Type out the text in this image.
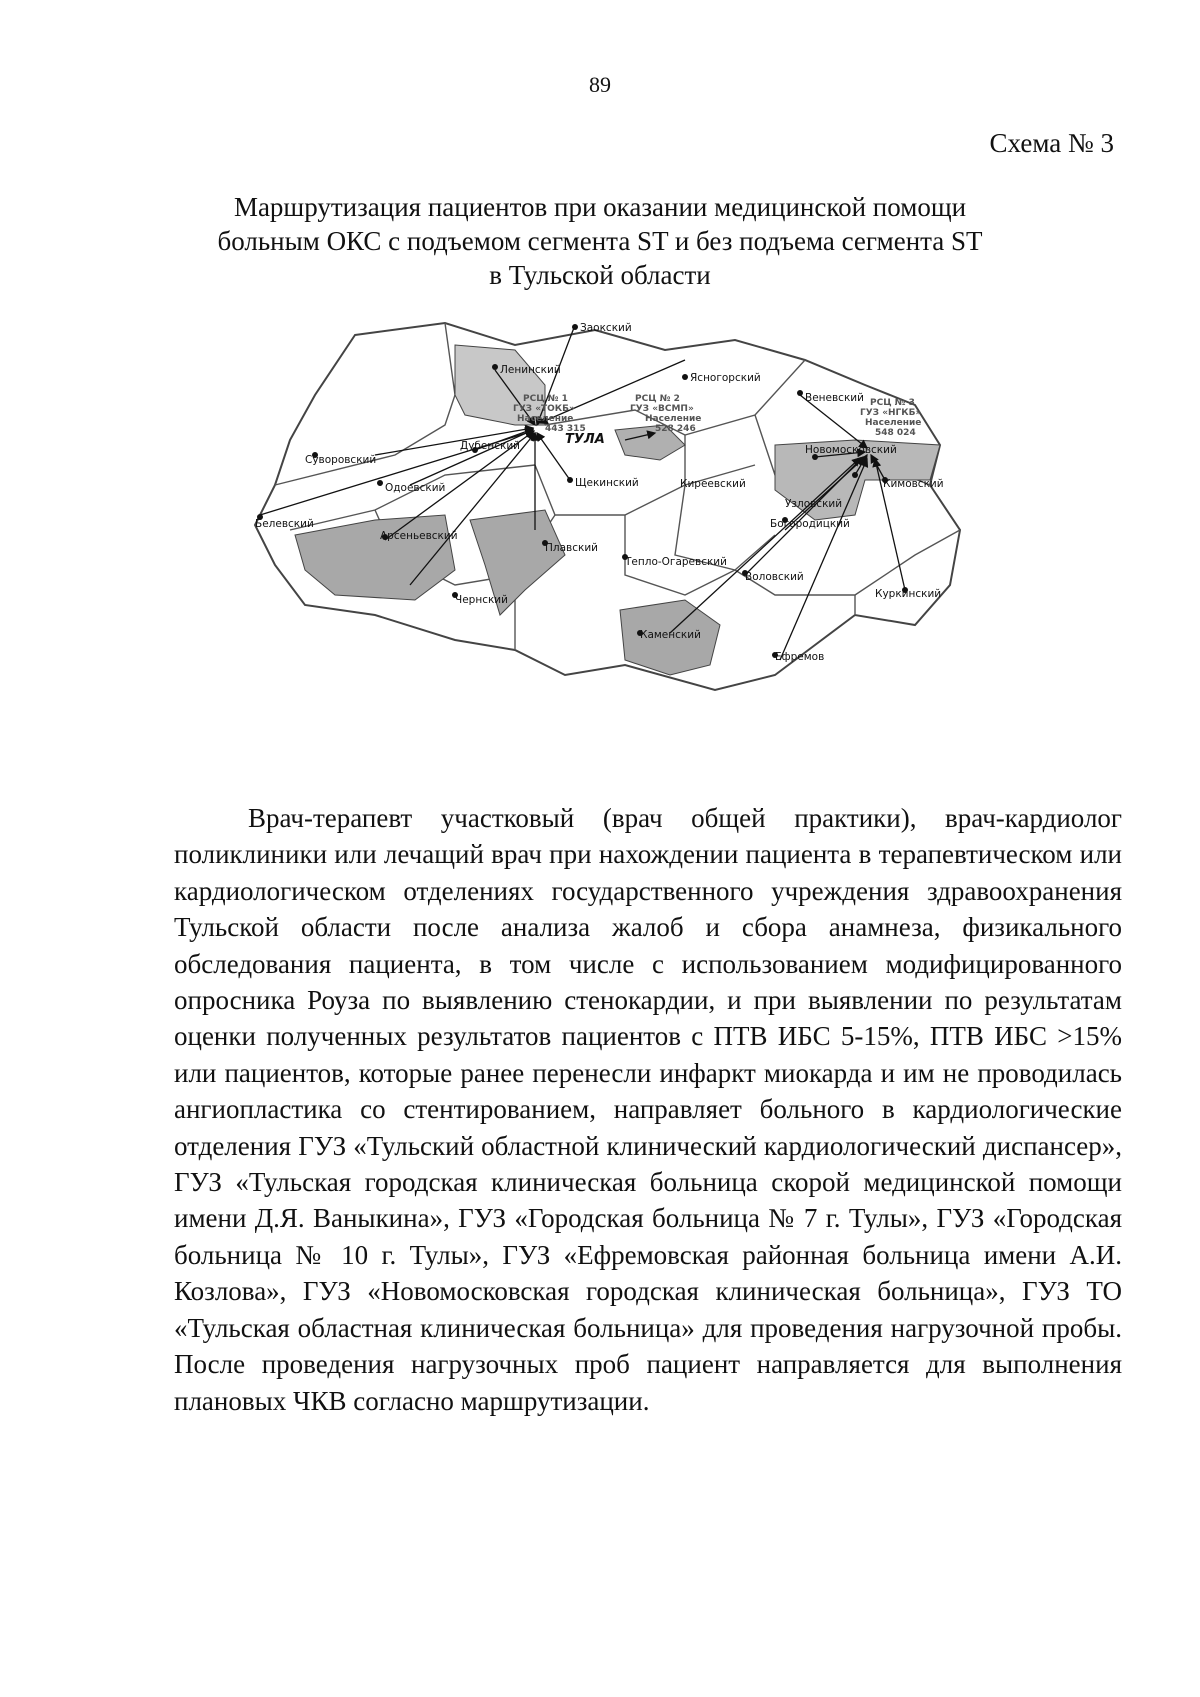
89
Схема № 3
Маршрутизация пациентов при оказании медицинской помощи
больным ОКС с подъемом сегмента ST и без подъема сегмента ST
в Тульской области
Заокский
Ленинский
Ясногорский
Веневский
Суворовский
Дубенский
Одоевский	Щекинский	Киреевский
Белевский
Арсеньевский
Плавский
Новомосковский
Узловский
Кимовский
Богородицкий
Тепло-Огаревский
Воловский
Куркинский
Чернский
Каменский
Ефремов
ТУЛА
РСЦ № 1
ГУЗ «ТОКБ»
Население
443 315
РСЦ № 2
ГУЗ «ВСМП»
Население
528 246
РСЦ № 3
ГУЗ «НГКБ»
Население
548 024

Врач-терапевт участковый (врач общей практики), врач-кардиолог поликлиники или лечащий врач при нахождении пациента в терапевтическом или кардиологическом отделениях государственного учреждения здравоохранения Тульской области после анализа жалоб и сбора анамнеза, физикального обследования пациента, в том числе с использованием модифицированного опросника Роуза по выявлению стенокардии, и при выявлении по результатам оценки полученных результатов пациентов с ПТВ ИБС 5-15%, ПТВ ИБС >15% или пациентов, которые ранее перенесли инфаркт миокарда и им не проводилась ангиопластика со стентированием, направляет больного в кардиологические отделения ГУЗ «Тульский областной клинический кардиологический диспансер», ГУЗ «Тульская городская клиническая больница скорой медицинской помощи имени Д.Я. Ваныкина», ГУЗ «Городская больница № 7 г. Тулы», ГУЗ «Городская больница № 10 г. Тулы», ГУЗ «Ефремовская районная больница имени А.И. Козлова», ГУЗ «Новомосковская городская клиническая больница», ГУЗ ТО «Тульская областная клиническая больница» для проведения нагрузочной пробы. После проведения нагрузочных проб пациент направляется для выполнения плановых ЧКВ согласно маршрутизации.
